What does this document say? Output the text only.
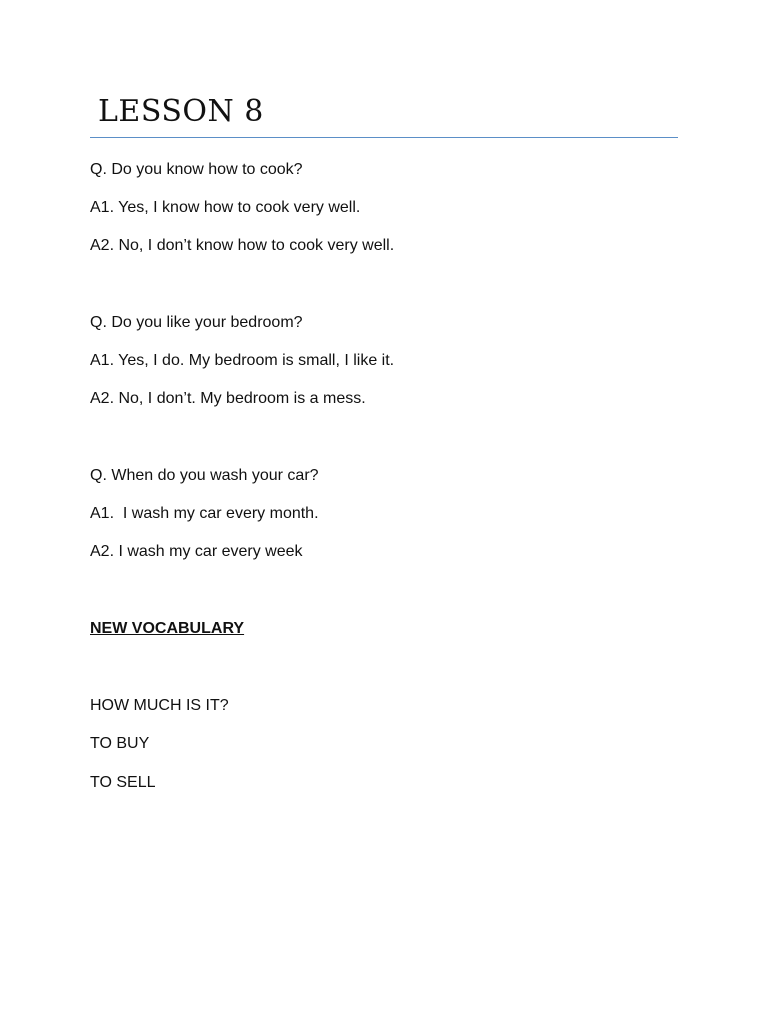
LESSON 8

Q. Do you know how to cook?

A1. Yes, I know how to cook very well.

A2. No, I don’t know how to cook very well.

Q. Do you like your bedroom?

A1. Yes, I do. My bedroom is small, I like it.

A2. No, I don’t. My bedroom is a mess.

Q. When do you wash your car?

A1.  I wash my car every month.

A2. I wash my car every week

NEW VOCABULARY

HOW MUCH IS IT?

TO BUY

TO SELL
